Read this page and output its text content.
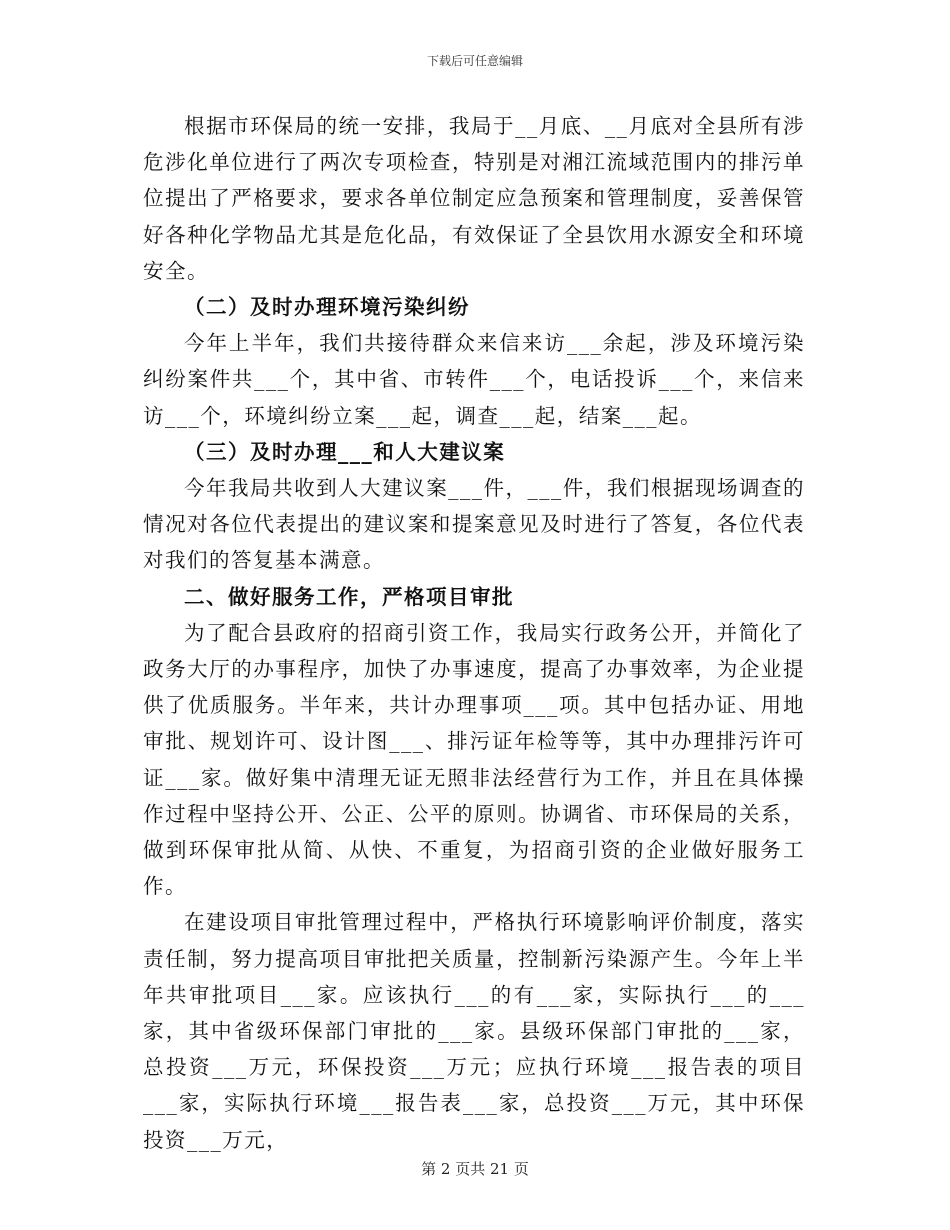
下载后可任意编辑

根据市环保局的统一安排，我局于__月底、__月底对全县所有涉危涉化单位进行了两次专项检查，特别是对湘江流域范围内的排污单位提出了严格要求，要求各单位制定应急预案和管理制度，妥善保管好各种化学物品尤其是危化品，有效保证了全县饮用水源安全和环境安全。

（二）及时办理环境污染纠纷

今年上半年，我们共接待群众来信来访___余起，涉及环境污染纠纷案件共___个，其中省、市转件___个，电话投诉___个，来信来访___个，环境纠纷立案___起，调查___起，结案___起。

（三）及时办理___和人大建议案

今年我局共收到人大建议案___件，___件，我们根据现场调查的情况对各位代表提出的建议案和提案意见及时进行了答复，各位代表对我们的答复基本满意。

二、做好服务工作，严格项目审批

为了配合县政府的招商引资工作，我局实行政务公开，并简化了政务大厅的办事程序，加快了办事速度，提高了办事效率，为企业提供了优质服务。半年来，共计办理事项___项。其中包括办证、用地审批、规划许可、设计图___、排污证年检等等，其中办理排污许可证___家。做好集中清理无证无照非法经营行为工作，并且在具体操作过程中坚持公开、公正、公平的原则。协调省、市环保局的关系，做到环保审批从简、从快、不重复，为招商引资的企业做好服务工作。

在建设项目审批管理过程中，严格执行环境影响评价制度，落实责任制，努力提高项目审批把关质量，控制新污染源产生。今年上半年共审批项目___家。应该执行___的有___家，实际执行___的___家，其中省级环保部门审批的___家。县级环保部门审批的___家，总投资___万元，环保投资___万元；应执行环境___报告表的项目___家，实际执行环境___报告表___家，总投资___万元，其中环保投资___万元，

第 2 页共 21 页
